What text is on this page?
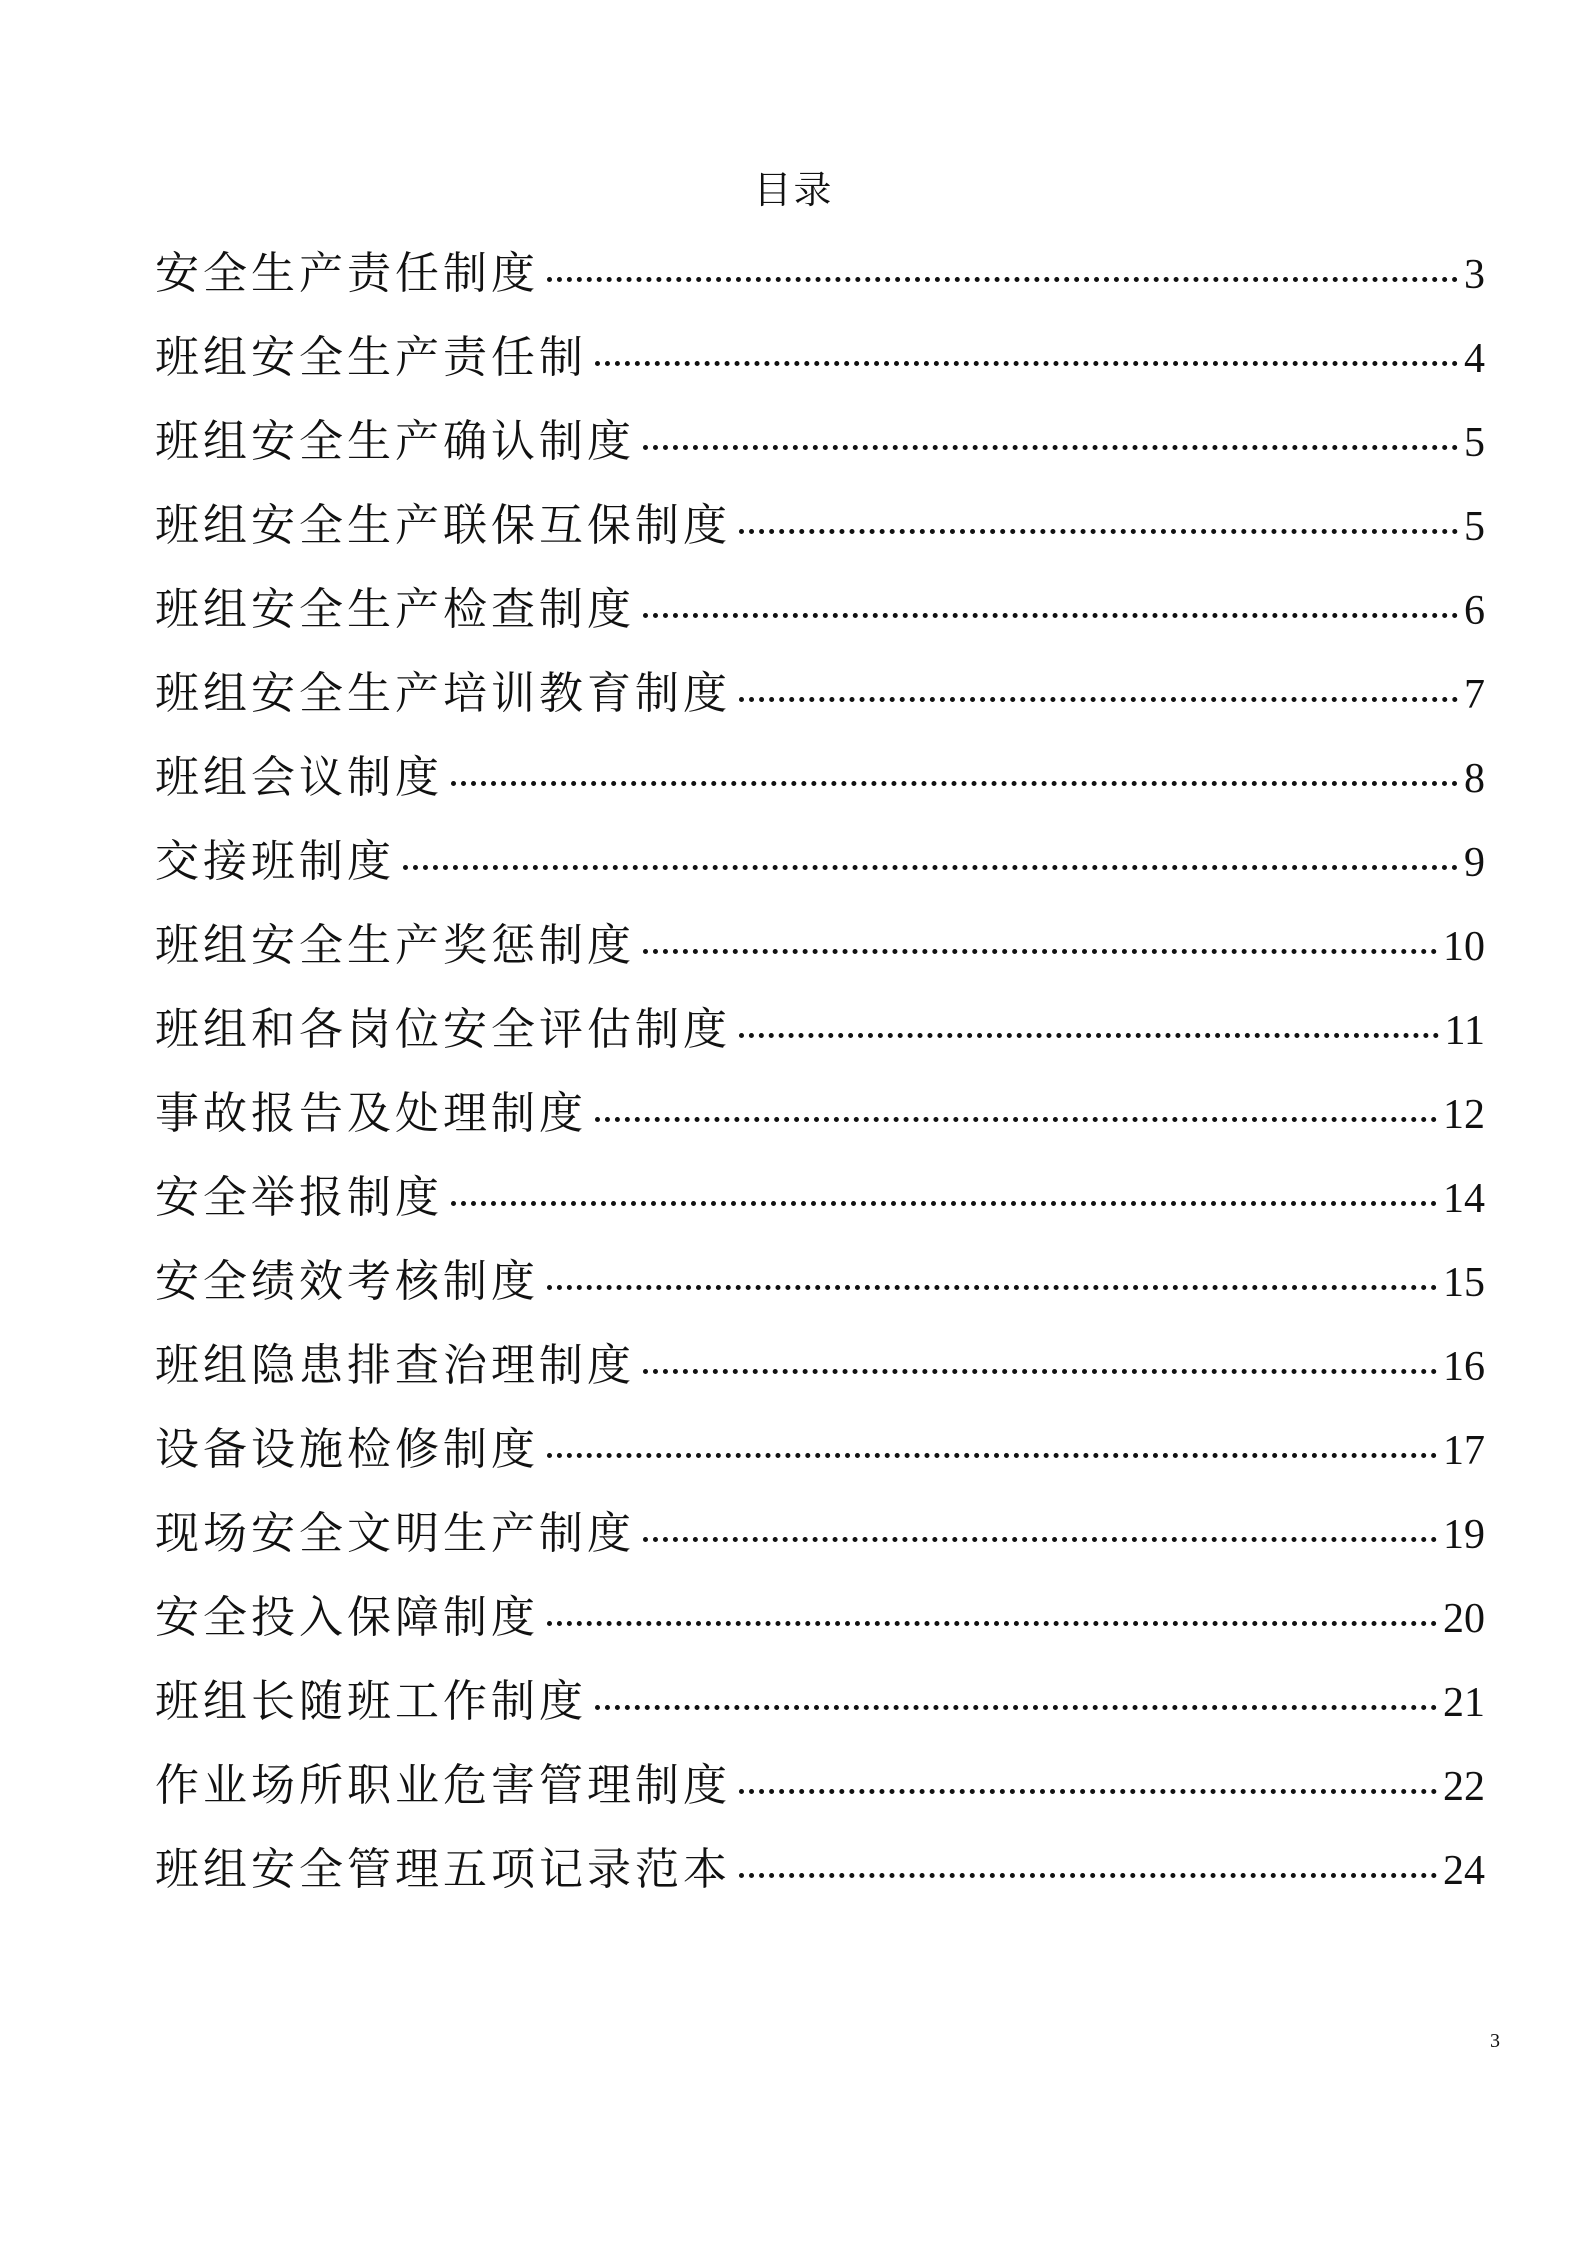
目录
安全生产责任制度	3
班组安全生产责任制	4
班组安全生产确认制度	5
班组安全生产联保互保制度	5
班组安全生产检查制度	6
班组安全生产培训教育制度	7
班组会议制度	8
交接班制度	9
班组安全生产奖惩制度	10
班组和各岗位安全评估制度	11
事故报告及处理制度	12
安全举报制度	14
安全绩效考核制度	15
班组隐患排查治理制度	16
设备设施检修制度	17
现场安全文明生产制度	19
安全投入保障制度	20
班组长随班工作制度	21
作业场所职业危害管理制度	22
班组安全管理五项记录范本	24
3
